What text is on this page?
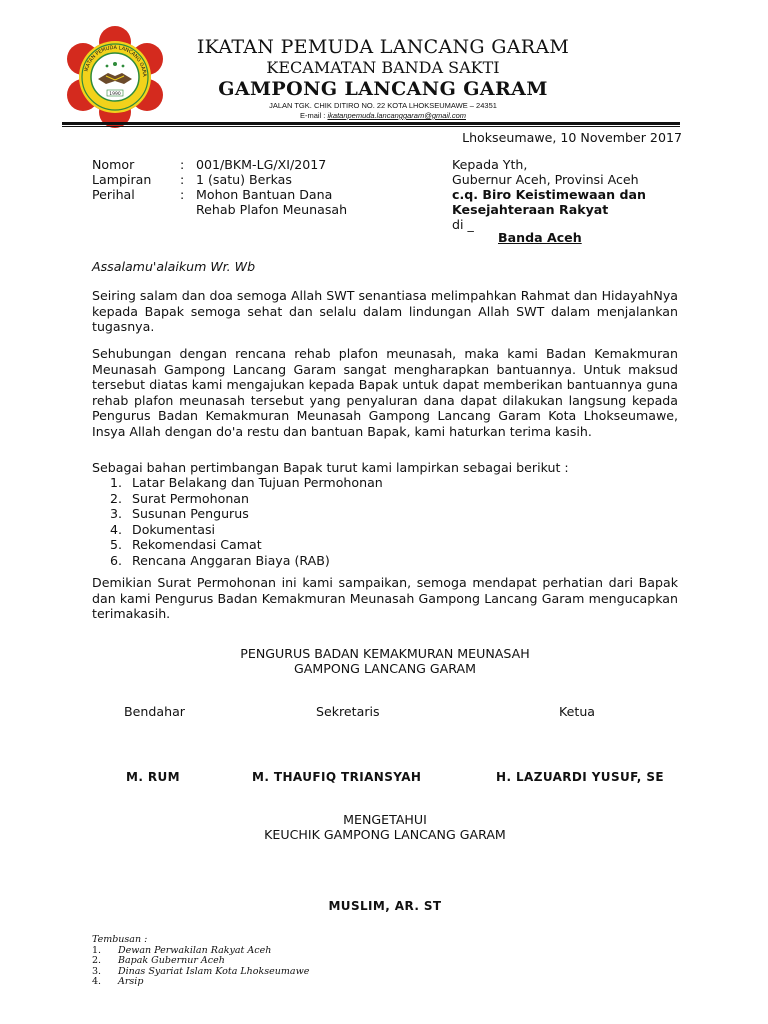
IKATAN PEMUDA LANCANG GARA
1990
IKATAN PEMUDA LANCANG GARAM
KECAMATAN BANDA SAKTI
GAMPONG LANCANG GARAM
JALAN TGK. CHIK DITIRO NO. 22 KOTA LHOKSEUMAWE – 24351
E-mail : ikatanpemuda.lancanggaram@gmail.com
Lhokseumawe, 10 November 2017
Nomor	: 001/BKM-LG/XI/2017
Lampiran	: 1 (satu) Berkas
Perihal	: Mohon Bantuan Dana
Rehab Plafon Meunasah
Kepada Yth,
Gubernur Aceh, Provinsi Aceh
c.q. Biro Keistimewaan dan
Kesejahteraan Rakyat
di _
Banda Aceh
Assalamu'alaikum Wr. Wb
Seiring salam dan doa semoga Allah SWT senantiasa melimpahkan Rahmat dan HidayahNya kepada Bapak semoga sehat dan selalu dalam lindungan Allah SWT dalam menjalankan tugasnya.
Sehubungan dengan rencana rehab plafon meunasah, maka kami Badan Kemakmuran Meunasah Gampong Lancang Garam sangat mengharapkan bantuannya. Untuk maksud tersebut diatas kami mengajukan kepada Bapak untuk dapat memberikan bantuannya guna rehab plafon meunasah tersebut yang penyaluran dana dapat dilakukan langsung kepada Pengurus Badan Kemakmuran Meunasah Gampong Lancang Garam Kota Lhokseumawe, Insya Allah dengan do'a restu dan bantuan Bapak, kami haturkan terima kasih.
Sebagai bahan pertimbangan Bapak turut kami lampirkan sebagai berikut :
1. Latar Belakang dan Tujuan Permohonan
2. Surat Permohonan
3. Susunan Pengurus
4. Dokumentasi
5. Rekomendasi Camat
6. Rencana Anggaran Biaya (RAB)
Demikian Surat Permohonan ini kami sampaikan, semoga mendapat perhatian dari Bapak dan kami Pengurus Badan Kemakmuran Meunasah Gampong Lancang Garam mengucapkan terimakasih.
PENGURUS BADAN KEMAKMURAN MEUNASAH
GAMPONG LANCANG GARAM
Bendahar	Sekretaris	Ketua
M. RUM	M. THAUFIQ TRIANSYAH	H. LAZUARDI YUSUF, SE
MENGETAHUI
KEUCHIK GAMPONG LANCANG GARAM
MUSLIM, AR. ST
Tembusan :
1. Dewan Perwakilan Rakyat Aceh
2. Bapak Gubernur Aceh
3. Dinas Syariat Islam Kota Lhokseumawe
4. Arsip
